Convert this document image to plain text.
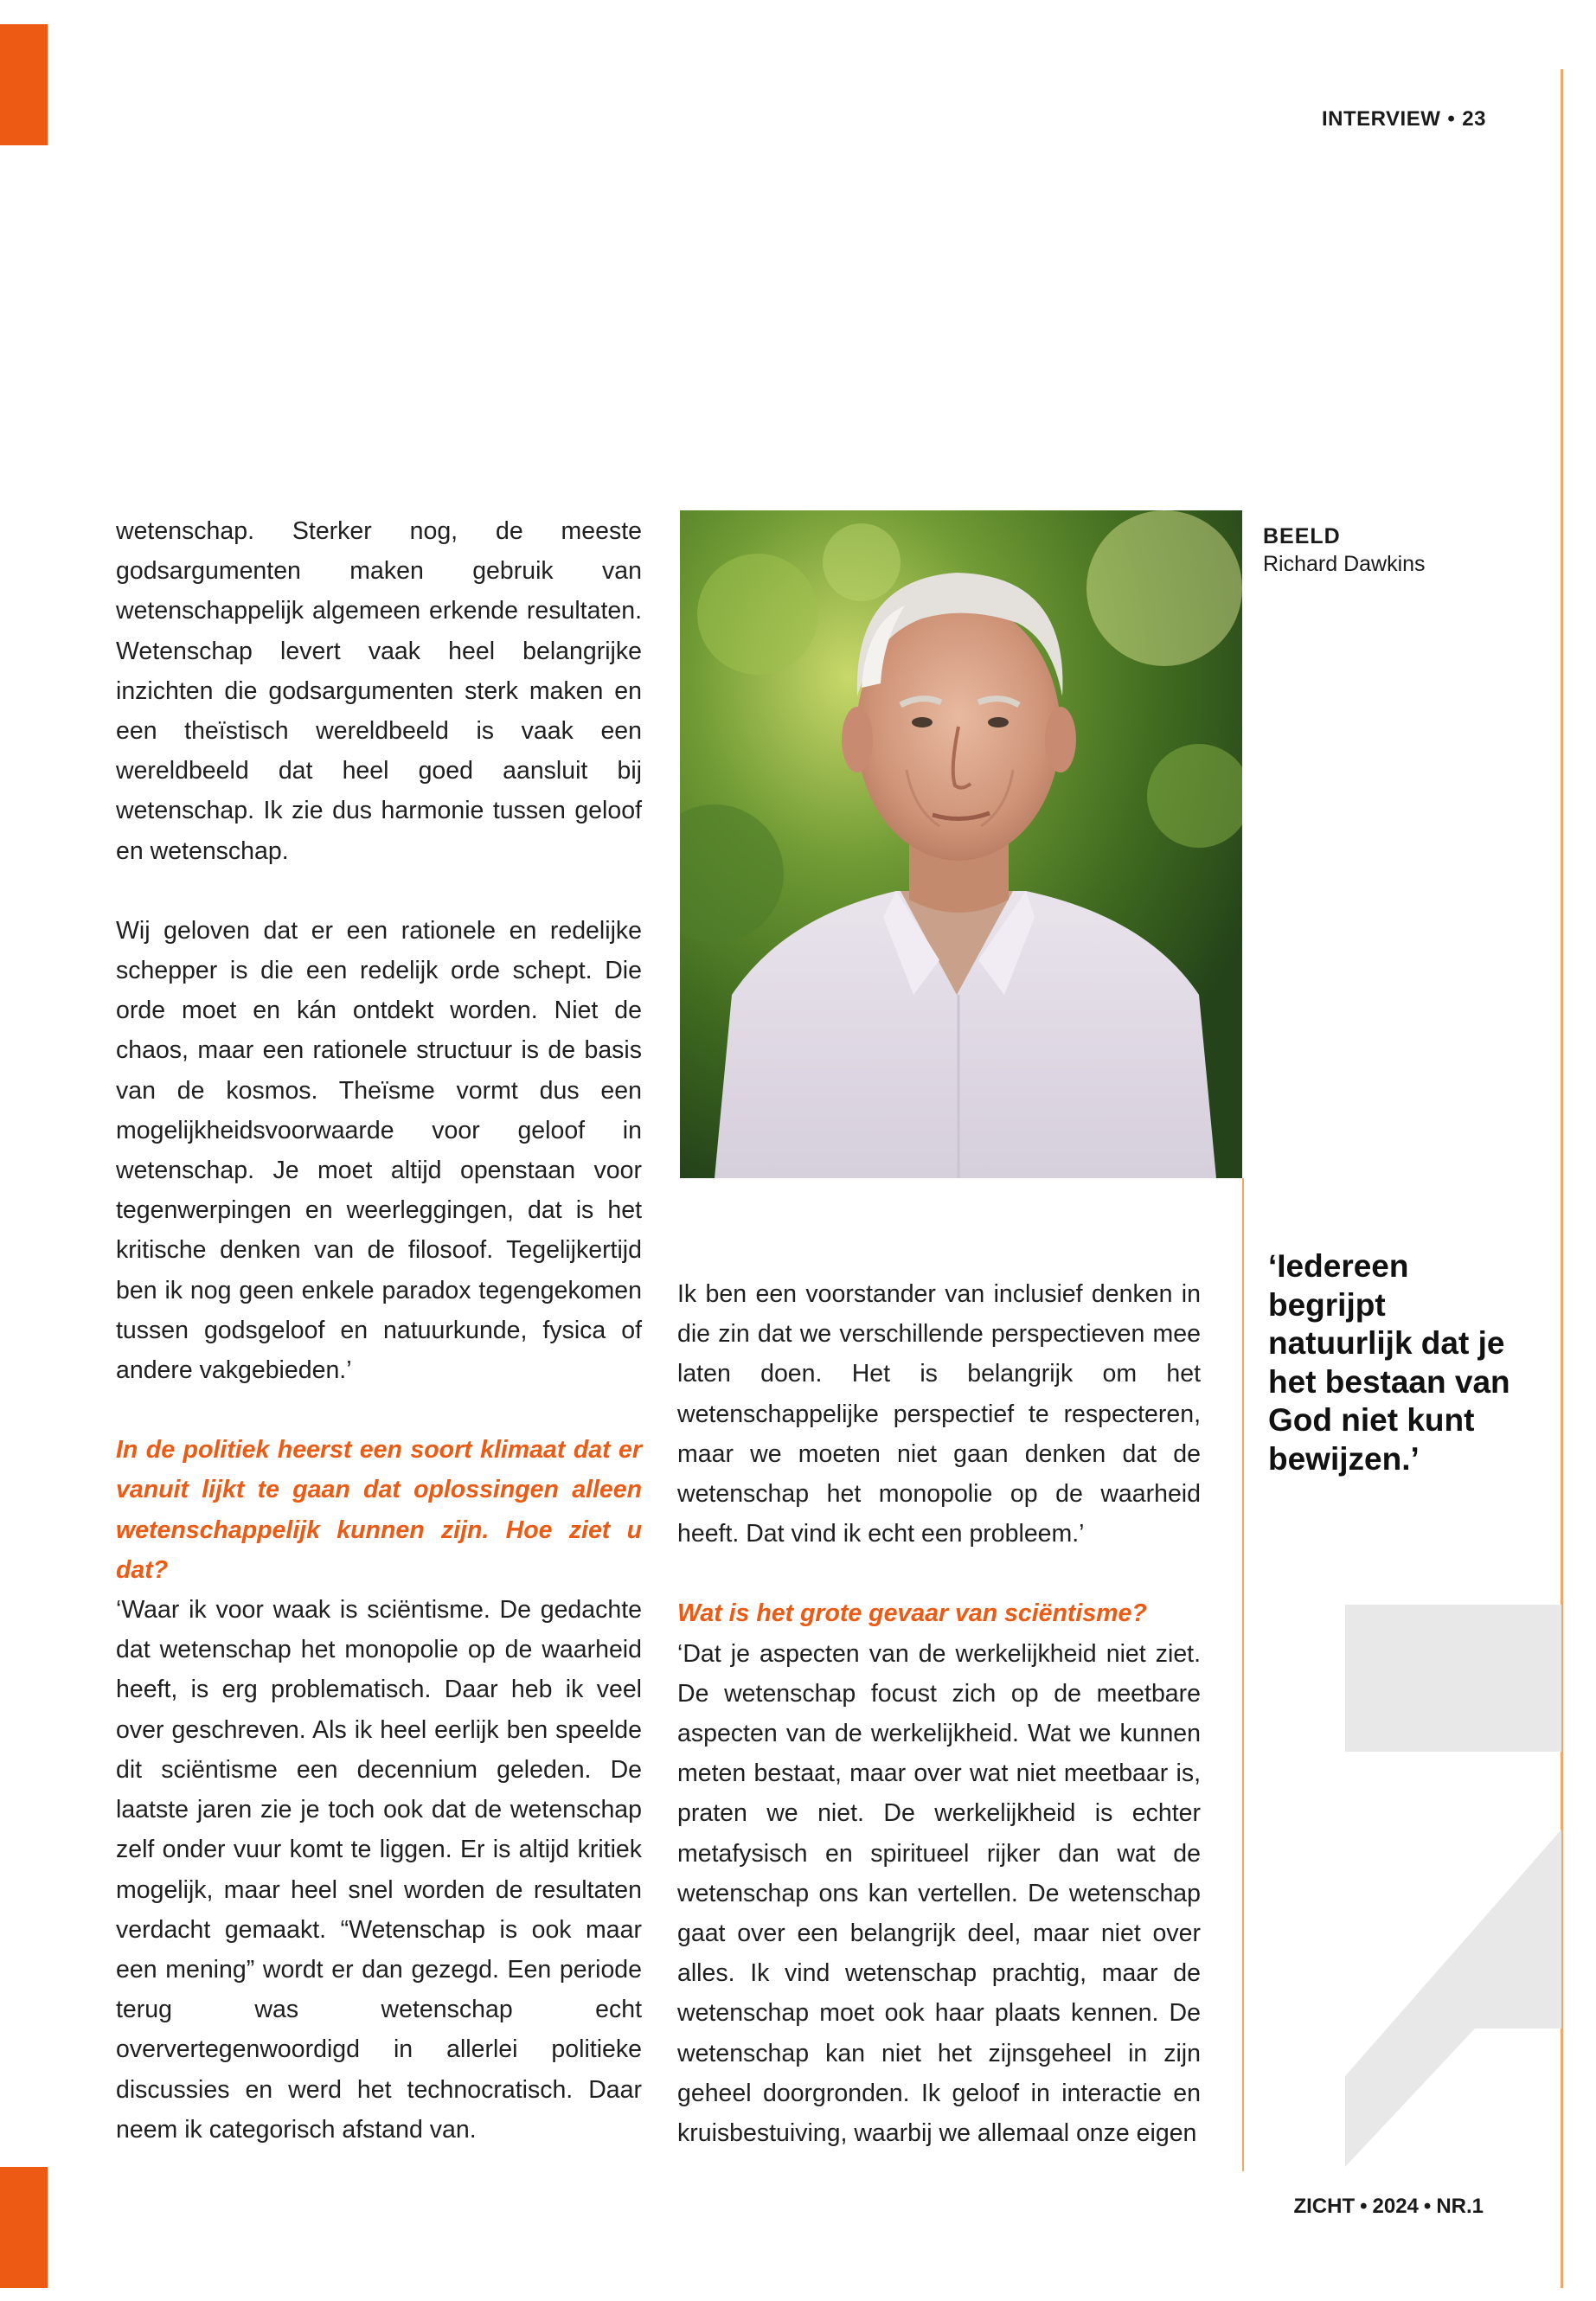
INTERVIEW • 23
BEELD
Richard Dawkins

wetenschap. Sterker nog, de meeste godsargumenten maken gebruik van wetenschappelijk algemeen erkende resultaten. Wetenschap levert vaak heel belangrijke inzichten die godsargumenten sterk maken en een theïstisch wereldbeeld is vaak een wereldbeeld dat heel goed aansluit bij wetenschap. Ik zie dus harmonie tussen geloof en wetenschap.

Wij geloven dat er een rationele en redelijke schepper is die een redelijk orde schept. Die orde moet en kán ontdekt worden. Niet de chaos, maar een rationele structuur is de basis van de kosmos. Theïsme vormt dus een mogelijkheidsvoorwaarde voor geloof in wetenschap. Je moet altijd openstaan voor tegenwerpingen en weerleggingen, dat is het kritische denken van de filosoof. Tegelijkertijd ben ik nog geen enkele paradox tegengekomen tussen godsgeloof en natuurkunde, fysica of andere vakgebieden.’

In de politiek heerst een soort klimaat dat er vanuit lijkt te gaan dat oplossingen alleen wetenschappelijk kunnen zijn. Hoe ziet u dat?

‘Waar ik voor waak is sciëntisme. De gedachte dat wetenschap het monopolie op de waarheid heeft, is erg problematisch. Daar heb ik veel over geschreven. Als ik heel eerlijk ben speelde dit sciëntisme een decennium geleden. De laatste jaren zie je toch ook dat de wetenschap zelf onder vuur komt te liggen. Er is altijd kritiek mogelijk, maar heel snel worden de resultaten verdacht gemaakt. “Wetenschap is ook maar een mening” wordt er dan gezegd. Een periode terug was wetenschap echt oververtegenwoordigd in allerlei politieke discussies en werd het technocratisch. Daar neem ik categorisch afstand van.

Ik ben een voorstander van inclusief denken in die zin dat we verschillende perspectieven mee laten doen. Het is belangrijk om het wetenschappelijke perspectief te respecteren, maar we moeten niet gaan denken dat de wetenschap het monopolie op de waarheid heeft. Dat vind ik echt een probleem.’

Wat is het grote gevaar van sciëntisme?

‘Dat je aspecten van de werkelijkheid niet ziet. De wetenschap focust zich op de meetbare aspecten van de werkelijkheid. Wat we kunnen meten bestaat, maar over wat niet meetbaar is, praten we niet. De werkelijkheid is echter metafysisch en spiritueel rijker dan wat de wetenschap ons kan vertellen. De wetenschap gaat over een belangrijk deel, maar niet over alles. Ik vind wetenschap prachtig, maar de wetenschap moet ook haar plaats kennen. De wetenschap kan niet het zijnsgeheel in zijn geheel doorgronden. Ik geloof in interactie en kruisbestuiving, waarbij we allemaal onze eigen

‘Iedereen begrijpt natuurlijk dat je het bestaan van God niet kunt bewijzen.’
ZICHT • 2024 • NR.1
